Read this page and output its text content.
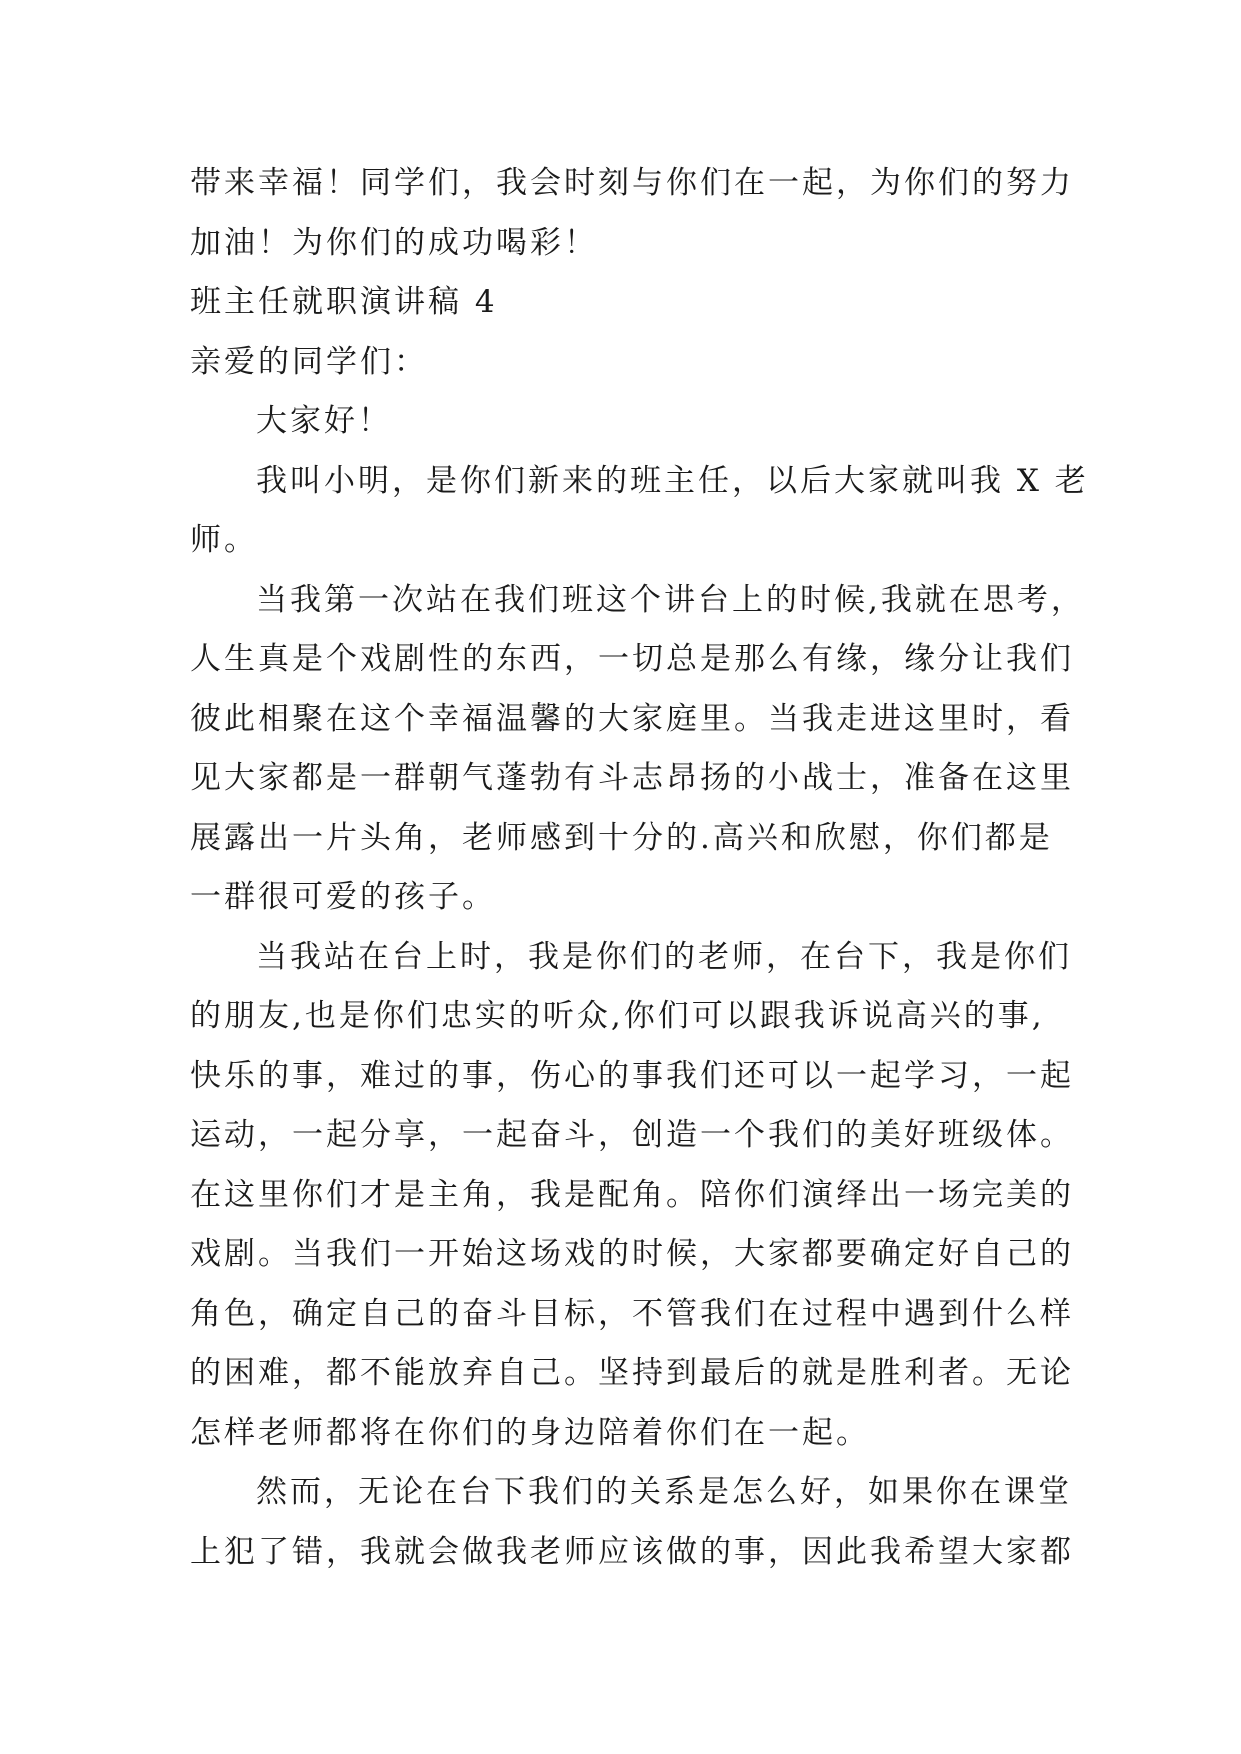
带来幸福！同学们，我会时刻与你们在一起，为你们的努力
加油！为你们的成功喝彩！
班主任就职演讲稿 4
亲爱的同学们：
大家好！
我叫小明，是你们新来的班主任，以后大家就叫我 X 老
师。
当我第一次站在我们班这个讲台上的时候,我就在思考，
人生真是个戏剧性的东西，一切总是那么有缘，缘分让我们
彼此相聚在这个幸福温馨的大家庭里。当我走进这里时，看
见大家都是一群朝气蓬勃有斗志昂扬的小战士，准备在这里
展露出一片头角，老师感到十分的.高兴和欣慰，你们都是
一群很可爱的孩子。
当我站在台上时，我是你们的老师，在台下，我是你们
的朋友,也是你们忠实的听众,你们可以跟我诉说高兴的事,
快乐的事，难过的事，伤心的事我们还可以一起学习，一起
运动，一起分享，一起奋斗，创造一个我们的美好班级体。
在这里你们才是主角，我是配角。陪你们演绎出一场完美的
戏剧。当我们一开始这场戏的时候，大家都要确定好自己的
角色，确定自己的奋斗目标，不管我们在过程中遇到什么样
的困难，都不能放弃自己。坚持到最后的就是胜利者。无论
怎样老师都将在你们的身边陪着你们在一起。
然而，无论在台下我们的关系是怎么好，如果你在课堂
上犯了错，我就会做我老师应该做的事，因此我希望大家都
